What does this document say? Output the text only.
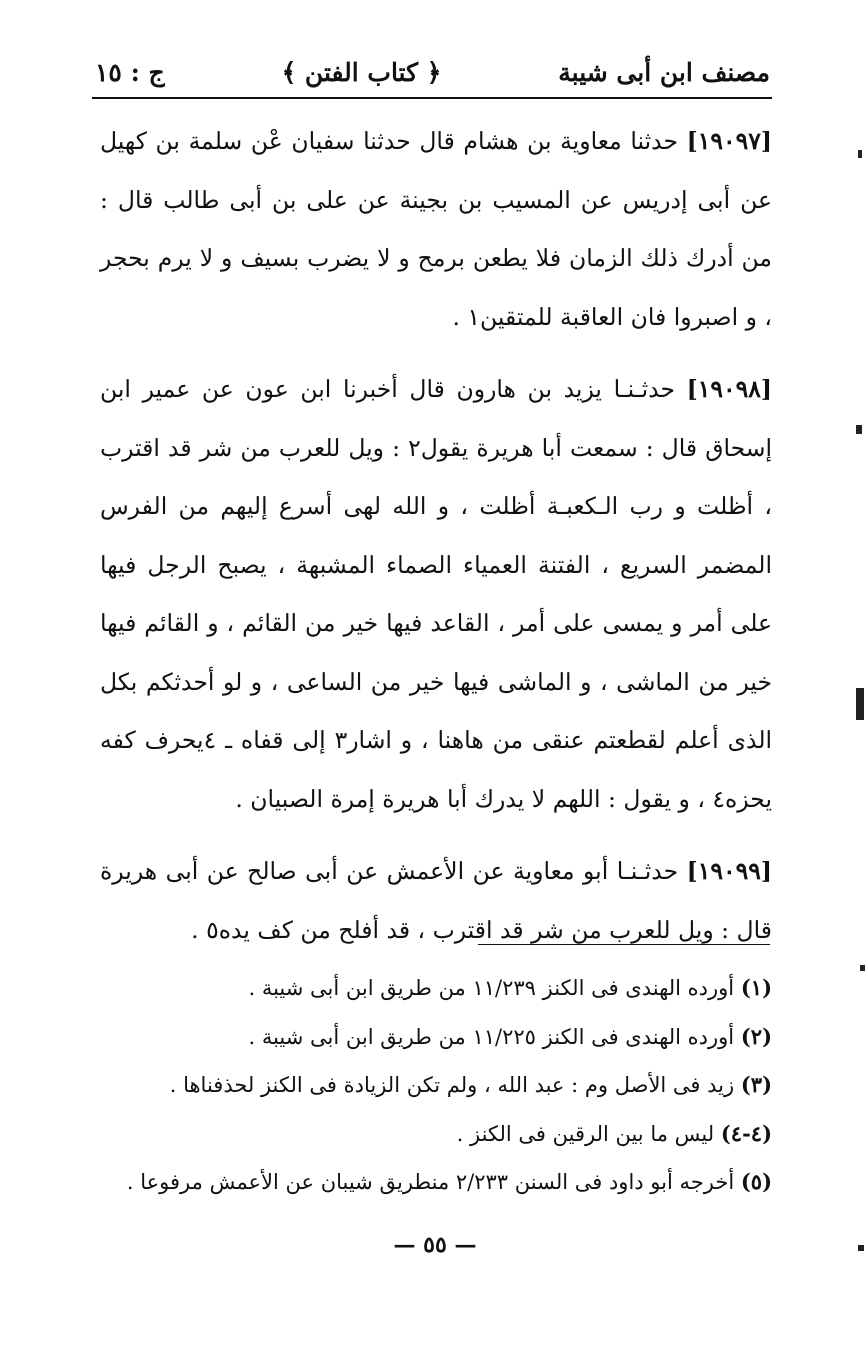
مصنف ابن أبى شيبة
﴿ كتاب الفتن ﴾
ج : ١٥

[١٩٠٩٧] حدثنا معاوية بن هشام قال حدثنا سفيان عْن سلمة بن كهيل عن أبى إدريس عن المسيب بن بجينة عن على بن أبى طالب قال : من أدرك ذلك الزمان فلا يطعن برمح و لا يضرب بسيف و لا يرم بحجر ، و اصبروا فان العاقبة للمتقين١ .

[١٩٠٩٨] حدثـنـا يزيد بن هارون قال أخبرنا ابن عون عن عمير ابن إسحاق قال : سمعت أبا هريرة يقول٢ : ويل للعرب من شر قد اقترب ، أظلت و رب الـكعبـة أظلت ، و الله لهى أسرع إليهم من الفرس المضمر السريع ، الفتنة العمياء الصماء المشبهة ، يصبح الرجل فيها على أمر و يمسى على أمر ، القاعد فيها خير من القائم ، و القائم فيها خير من الماشى ، و الماشى فيها خير من الساعى ، و لو أحدثكم بكل الذى أعلم لقطعتم عنقى من هاهنا ، و اشار٣ إلى قفاه ـ ٤يحرف كفه يحزه٤ ، و يقول : اللهم لا يدرك أبا هريرة إمرة الصبيان .

[١٩٠٩٩] حدثـنـا أبو معاوية عن الأعمش عن أبى صالح عن أبى هريرة قال : ويل للعرب من شر قد اقترب ، قد أفلح من كف يده٥ .

(١) أورده الهندى فى الكنز ١١/٢٣٩ من طريق ابن أبى شيبة .
(٢) أورده الهندى فى الكنز ١١/٢٢٥ من طريق ابن أبى شيبة .
(٣) زيد فى الأصل وم : عبد الله ، ولم تكن الزيادة فى الكنز لحذفناها .
(٤-٤) ليس ما بين الرقين فى الكنز .
(٥) أخرجه أبو داود فى السنن ٢/٢٣٣ منطريق شيبان عن الأعمش مرفوعا .
— ٥٥ —
